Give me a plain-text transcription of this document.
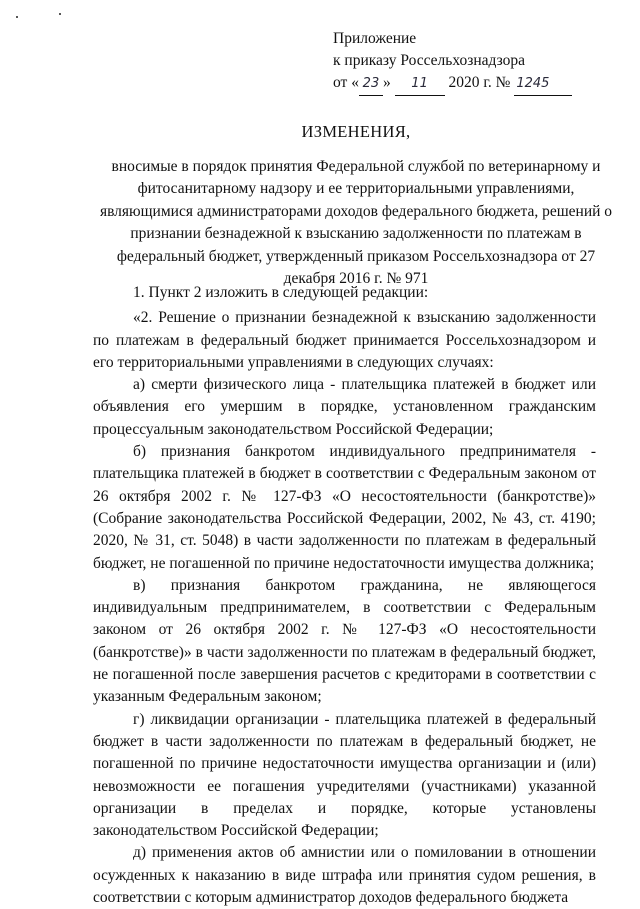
Приложение
к приказу Россельхознадзора
от « 23 » 11 2020 г. № 1245
ИЗМЕНЕНИЯ,

вносимые в порядок принятия Федеральной службой по ветеринарному и фитосанитарному надзору и ее территориальными управлениями, являющимися администраторами доходов федерального бюджета, решений о признании безнадежной к взысканию задолженности по платежам в федеральный бюджет, утвержденный приказом Россельхознадзора от 27 декабря 2016 г. № 971

1. Пункт 2 изложить в следующей редакции:

«2. Решение о признании безнадежной к взысканию задолженности по платежам в федеральный бюджет принимается Россельхознадзором и его территориальными управлениями в следующих случаях:

а) смерти физического лица - плательщика платежей в бюджет или объявления его умершим в порядке, установленном гражданским процессуальным законодательством Российской Федерации;

б) признания банкротом индивидуального предпринимателя - плательщика платежей в бюджет в соответствии с Федеральным законом от 26 октября 2002 г. № 127-ФЗ «О несостоятельности (банкротстве)» (Собрание законодательства Российской Федерации, 2002, № 43, ст. 4190; 2020, № 31, ст. 5048) в части задолженности по платежам в федеральный бюджет, не погашенной по причине недостаточности имущества должника;

в) признания банкротом гражданина, не являющегося индивидуальным предпринимателем, в соответствии с Федеральным законом от 26 октября 2002 г. № 127-ФЗ «О несостоятельности (банкротстве)» в части задолженности по платежам в федеральный бюджет, не погашенной после завершения расчетов с кредиторами в соответствии с указанным Федеральным законом;

г) ликвидации организации - плательщика платежей в федеральный бюджет в части задолженности по платежам в федеральный бюджет, не погашенной по причине недостаточности имущества организации и (или) невозможности ее погашения учредителями (участниками) указанной организации в пределах и порядке, которые установлены законодательством Российской Федерации;

д) применения актов об амнистии или о помиловании в отношении осужденных к наказанию в виде штрафа или принятия судом решения, в соответствии с которым администратор доходов федерального бюджета
